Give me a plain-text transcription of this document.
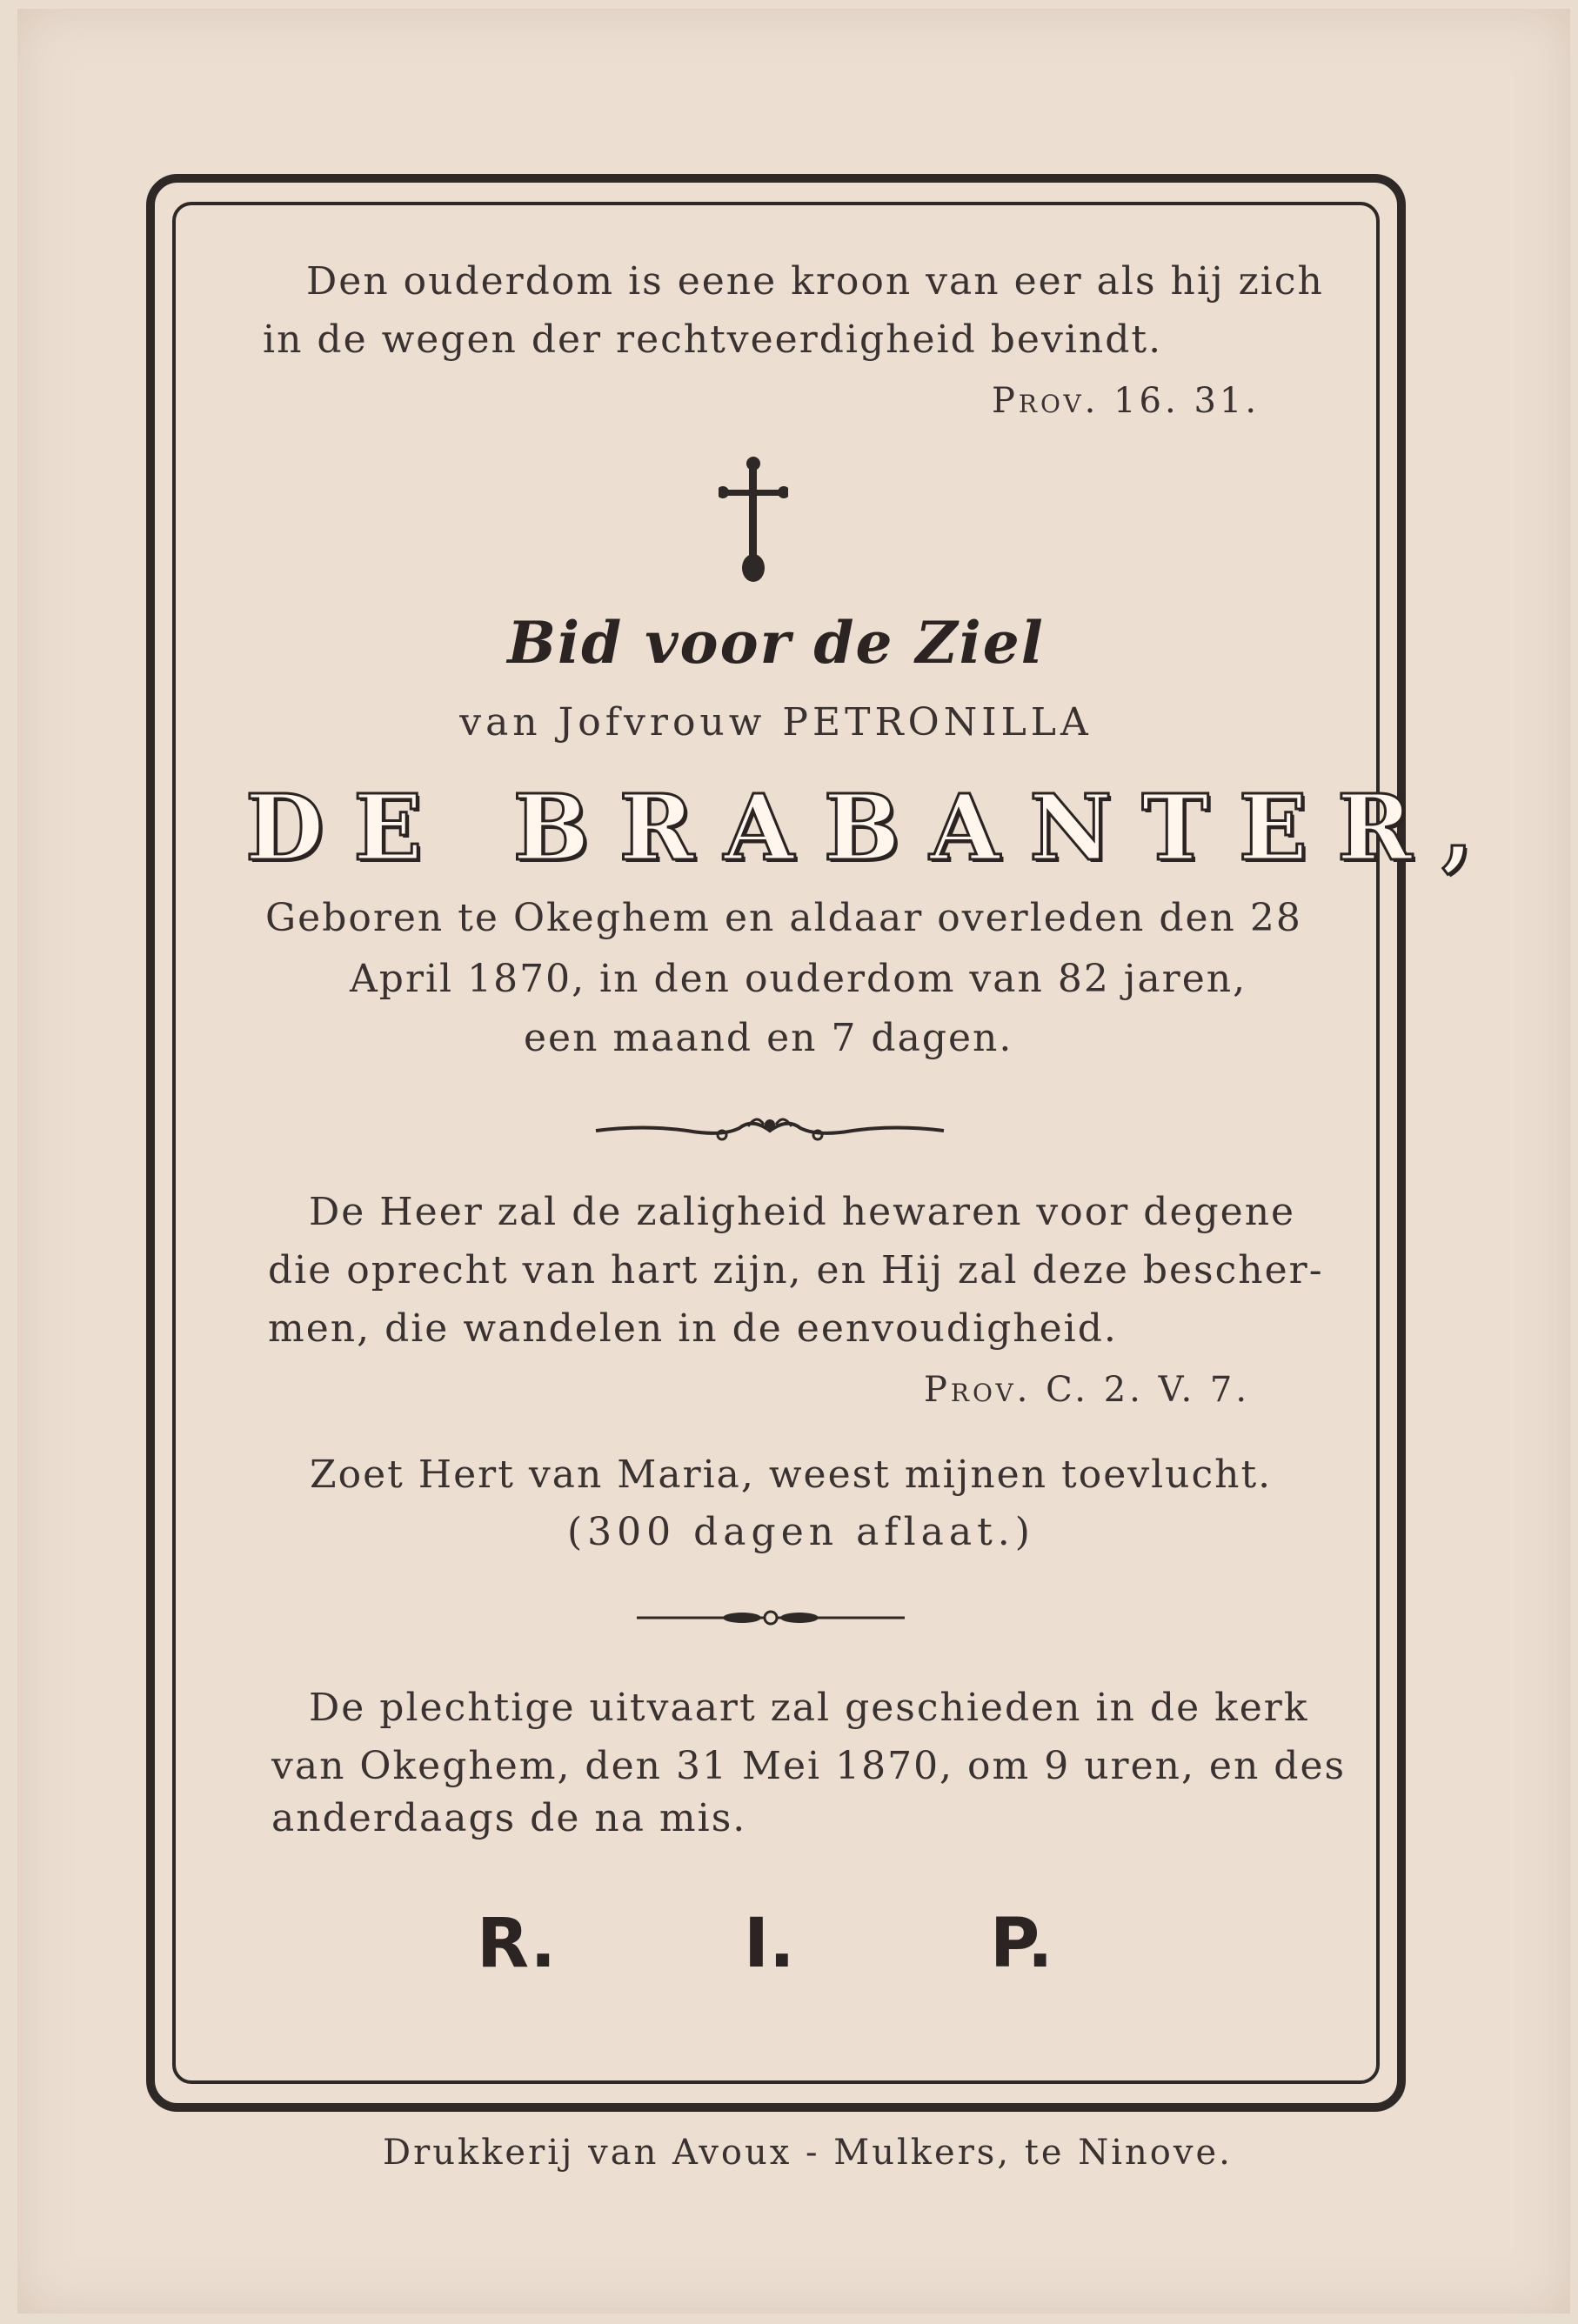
Den ouderdom is eene kroon van eer als hij zich
in de wegen der rechtveerdigheid bevindt.
Prov. 16. 31.
Bid voor de Ziel
van Jofvrouw PETRONILLA
DE BRABANTER,
Geboren te Okeghem en aldaar overleden den 28
April 1870, in den ouderdom van 82 jaren,
een maand en 7 dagen.
De Heer zal de zaligheid hewaren voor degene
die oprecht van hart zijn, en Hij zal deze bescher-
men, die wandelen in de eenvoudigheid.
Prov. C. 2. V. 7.
Zoet Hert van Maria, weest mijnen toevlucht.
(300 dagen aflaat.)
De plechtige uitvaart zal geschieden in de kerk
van Okeghem, den 31 Mei 1870, om 9 uren, en des
anderdaags de na mis.
R.	I.	P.
Drukkerij van Avoux - Mulkers, te Ninove.
